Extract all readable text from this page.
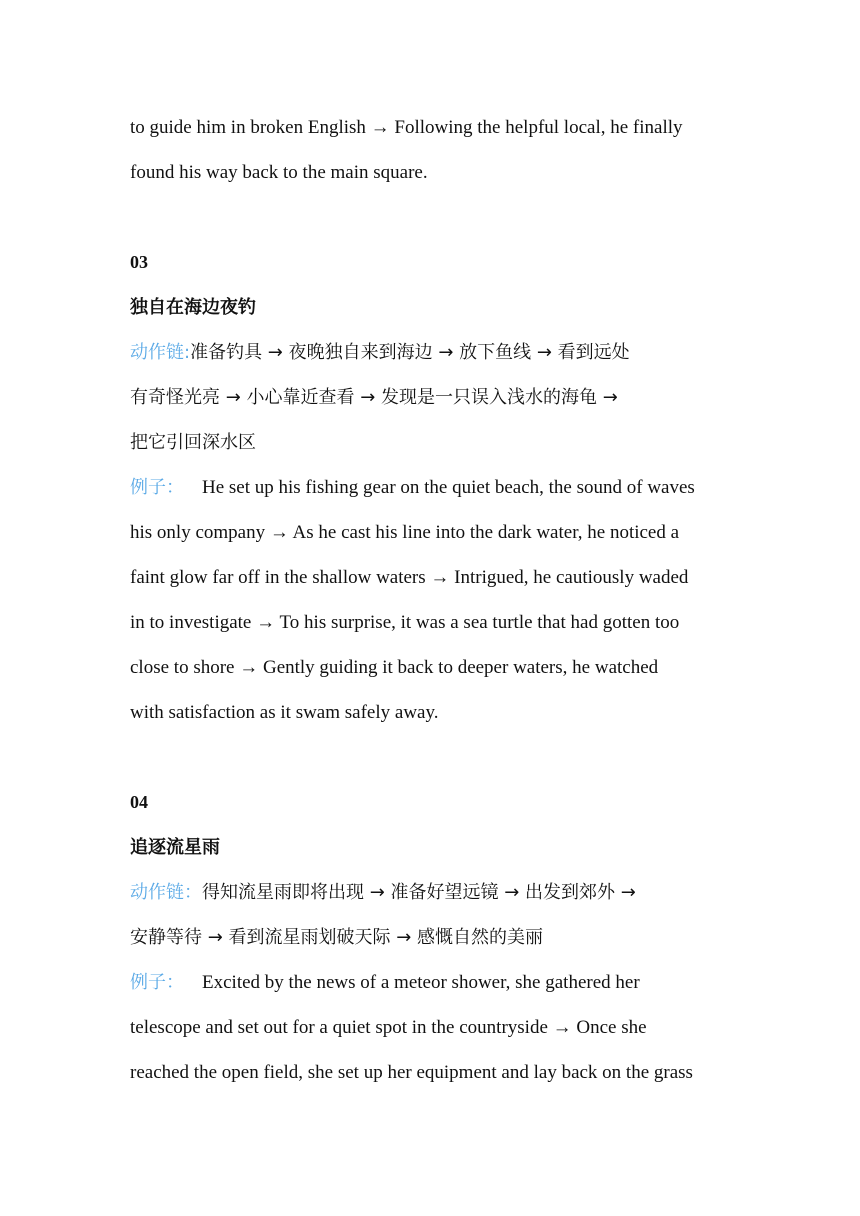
to guide him in broken English → Following the helpful local, he finally
found his way back to the main square.
03
独自在海边夜钓
动作链:准备钓具 → 夜晚独自来到海边 → 放下鱼线 → 看到远处
有奇怪光亮 → 小心靠近查看 → 发现是一只误入浅水的海龟 →
把它引回深水区
例子： He set up his fishing gear on the quiet beach, the sound of waves
his only company → As he cast his line into the dark water, he noticed a
faint glow far off in the shallow waters → Intrigued, he cautiously waded
in to investigate → To his surprise, it was a sea turtle that had gotten too
close to shore → Gently guiding it back to deeper waters, he watched
with satisfaction as it swam safely away.
04
追逐流星雨
动作链：得知流星雨即将出现 → 准备好望远镜 → 出发到郊外 →
安静等待 → 看到流星雨划破天际 → 感慨自然的美丽
例子： Excited by the news of a meteor shower, she gathered her
telescope and set out for a quiet spot in the countryside → Once she
reached the open field, she set up her equipment and lay back on the grass
